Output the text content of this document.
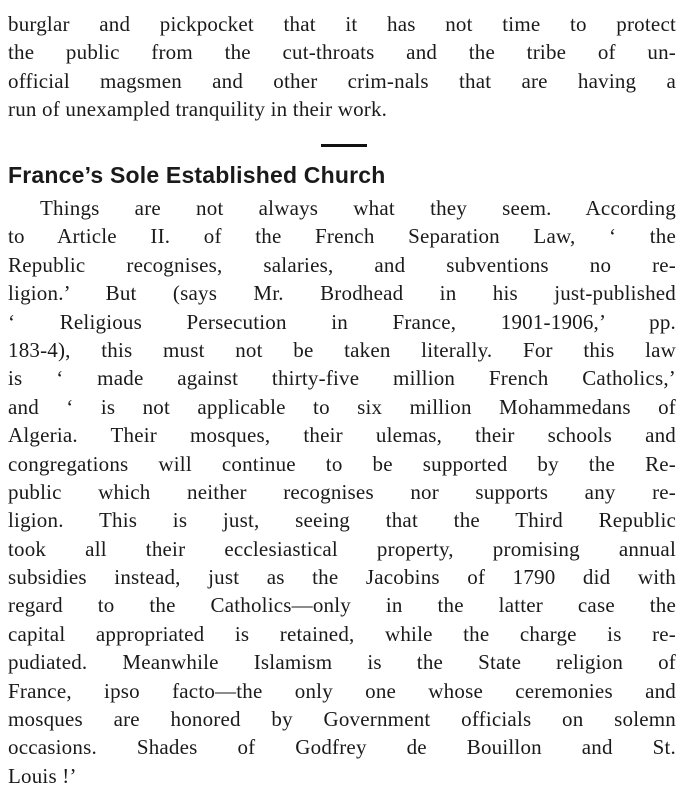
burglar and pickpocket that it has not time to protect
the public from the cut-throats and the tribe of un-
official magsmen and other crim-nals that are having a
run of unexampled tranquility in their work.
France’s Sole Established Church
Things are not always what they seem. According
to Article II. of the French Separation Law, ‘ the
Republic recognises, salaries, and subventions no re-
ligion.’ But (says Mr. Brodhead in his just-published
‘ Religious Persecution in France, 1901-1906,’ pp.
183-4), this must not be taken literally. For this law
is ‘ made against thirty-five million French Catholics,’
and ‘ is not applicable to six million Mohammedans of
Algeria. Their mosques, their ulemas, their schools and
congregations will continue to be supported by the Re-
public which neither recognises nor supports any re-
ligion. This is just, seeing that the Third Republic
took all their ecclesiastical property, promising annual
subsidies instead, just as the Jacobins of 1790 did with
regard to the Catholics—only in the latter case the
capital appropriated is retained, while the charge is re-
pudiated. Meanwhile Islamism is the State religion of
France, ipso facto—the only one whose ceremonies and
mosques are honored by Government officials on solemn
occasions. Shades of Godfrey de Bouillon and St.
Louis !’
